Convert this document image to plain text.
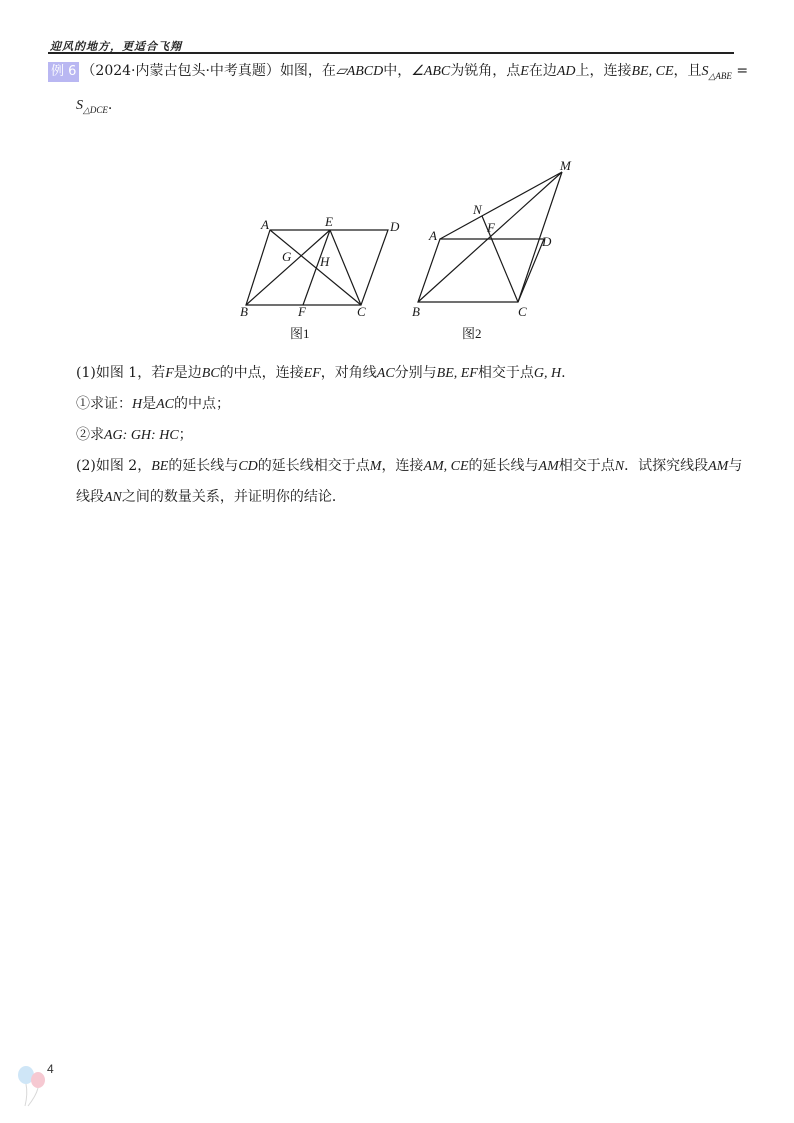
迎风的地方，更适合飞翔
例 6 （2024·内蒙古包头·中考真题）如图，在▱ABCD中，∠ABC为锐角，点E在边AD上，连接BE, CE，且$S_{\triangle ABE}$ =
$S_{\triangle DCE}$.
A	E	D
G H
B	F	C
图1
M
N
A
F
D
B	C
图2
(1)如图 1，若F是边BC的中点，连接EF，对角线AC分别与BE, EF相交于点G, H.
①求证：H是AC的中点；
②求AG: GH: HC；
(2)如图 2，BE的延长线与CD的延长线相交于点M，连接AM, CE的延长线与AM相交于点N．试探究线段AM与
线段AN之间的数量关系，并证明你的结论．
4
